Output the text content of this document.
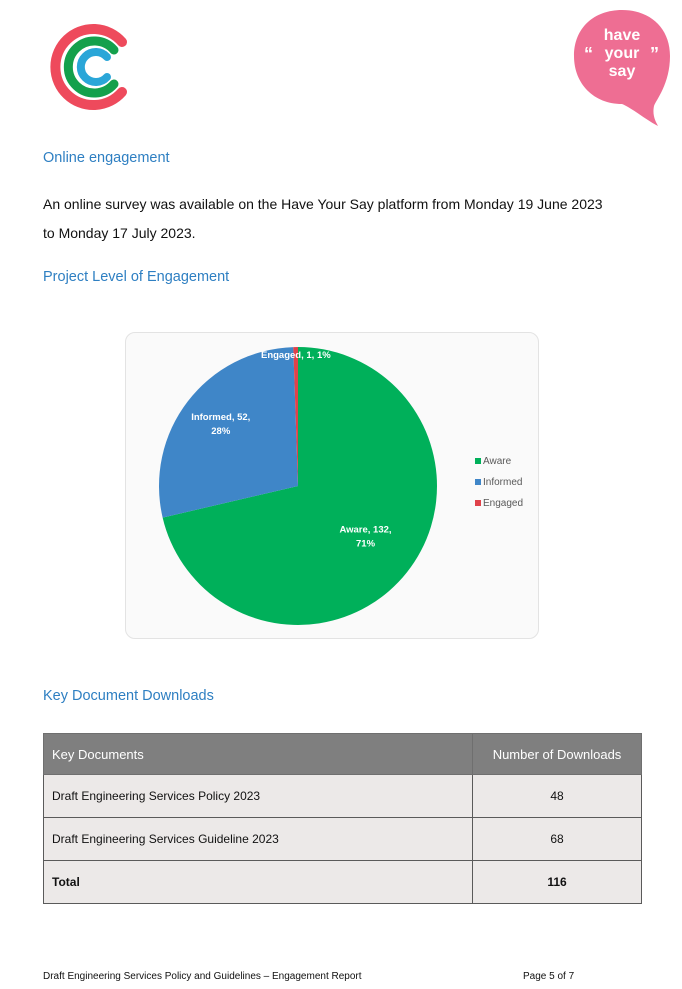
have
your
say
“	”
Online engagement

An online survey was available on the Have Your Say platform from Monday 19 June 2023
to Monday 17 July 2023.

Project Level of Engagement
Aware, 132, 71%
Informed, 52, 28%
Engaged, 1, 1%
Aware
Informed
Engaged
Key Document Downloads
Key Documents	Number of Downloads
Draft Engineering Services Policy 2023	48
Draft Engineering Services Guideline 2023	68
Total	116
Draft Engineering Services Policy and Guidelines – Engagement Report	Page 5 of 7
